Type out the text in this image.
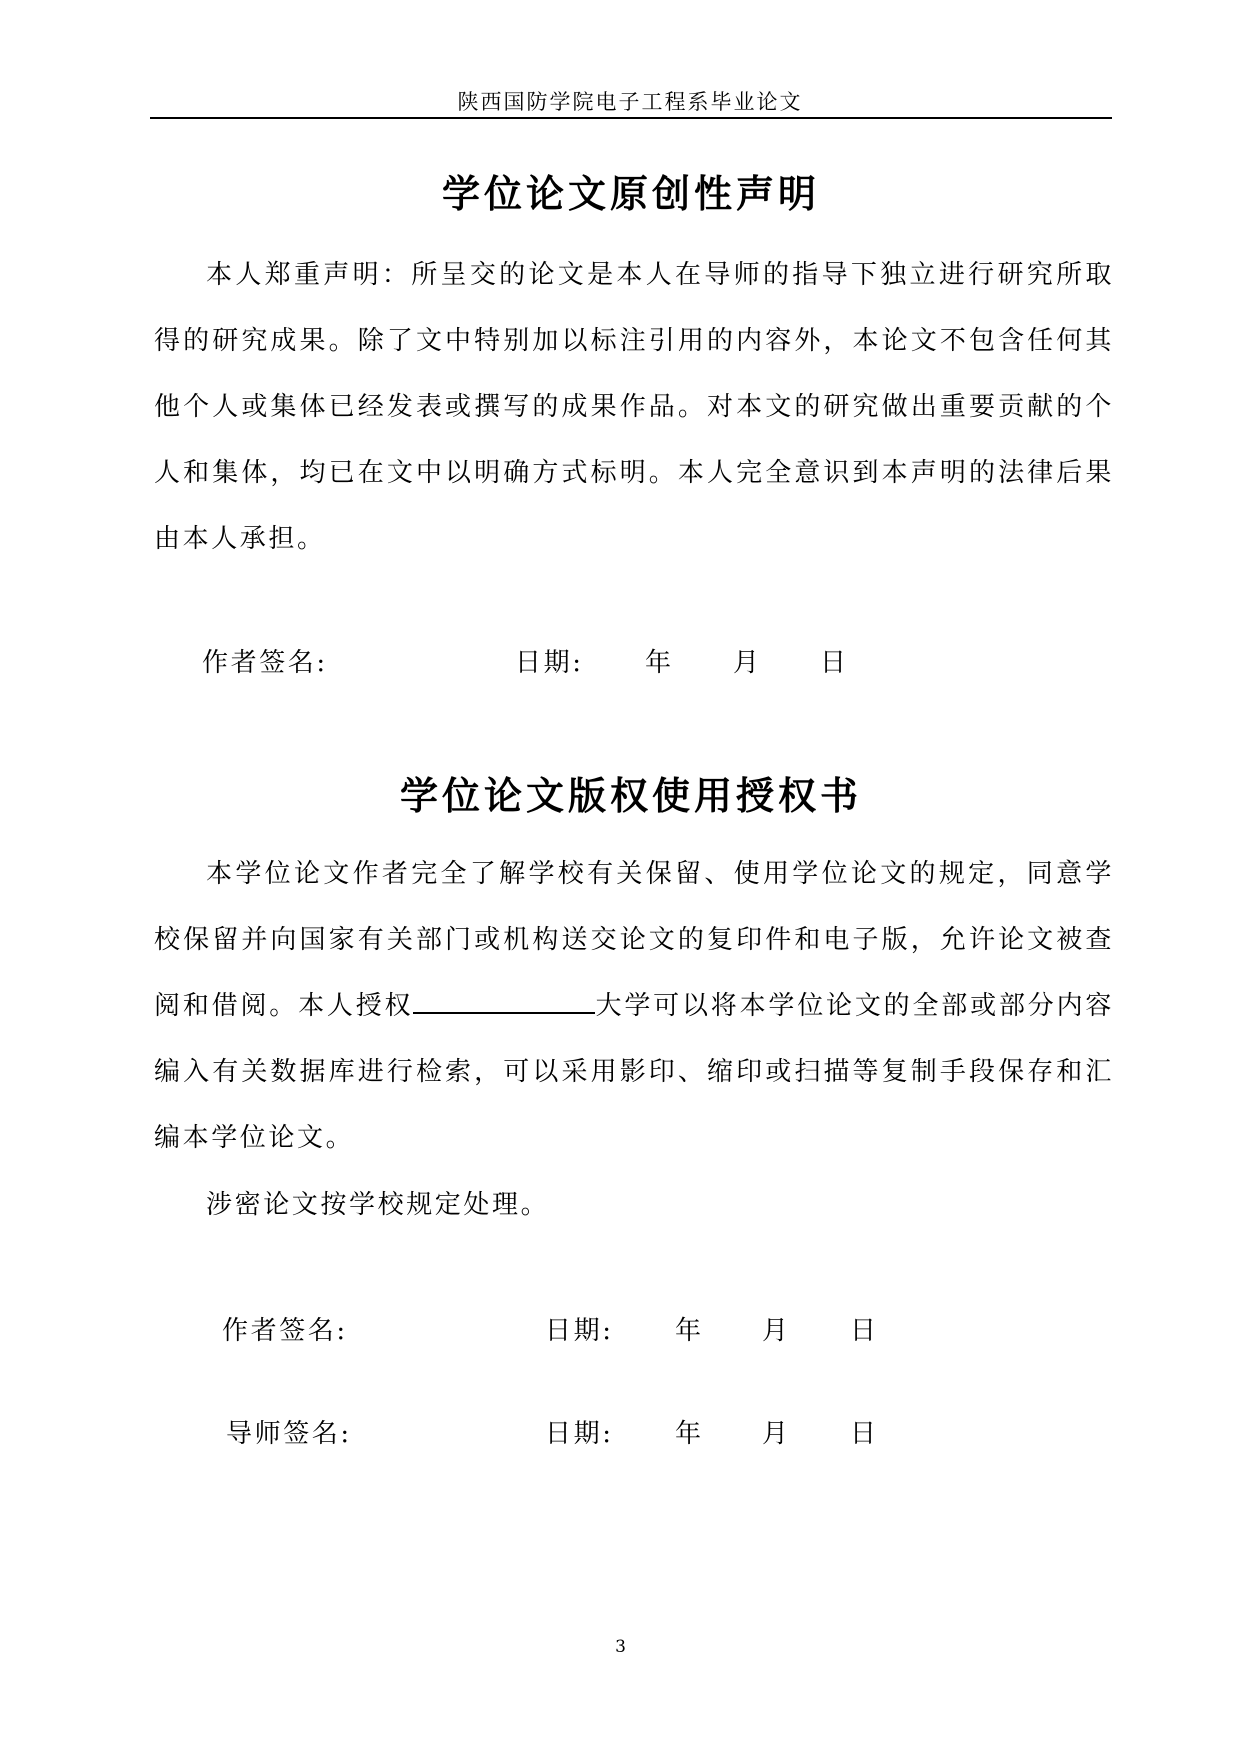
陕西国防学院电子工程系毕业论文
学位论文原创性声明
本人郑重声明：所呈交的论文是本人在导师的指导下独立进行研究所取得的研究成果。除了文中特别加以标注引用的内容外，本论文不包含任何其他个人或集体已经发表或撰写的成果作品。对本文的研究做出重要贡献的个人和集体，均已在文中以明确方式标明。本人完全意识到本声明的法律后果由本人承担。
作者签名:	日期: 年 月 日
学位论文版权使用授权书
本学位论文作者完全了解学校有关保留、使用学位论文的规定，同意学校保留并向国家有关部门或机构送交论文的复印件和电子版，允许论文被查阅和借阅。本人授权	大学可以将本学位论文的全部或部分内容编入有关数据库进行检索，可以采用影印、缩印或扫描等复制手段保存和汇编本学位论文。
涉密论文按学校规定处理。
作者签名:	日期: 年 月 日
导师签名:	日期: 年 月 日
3
